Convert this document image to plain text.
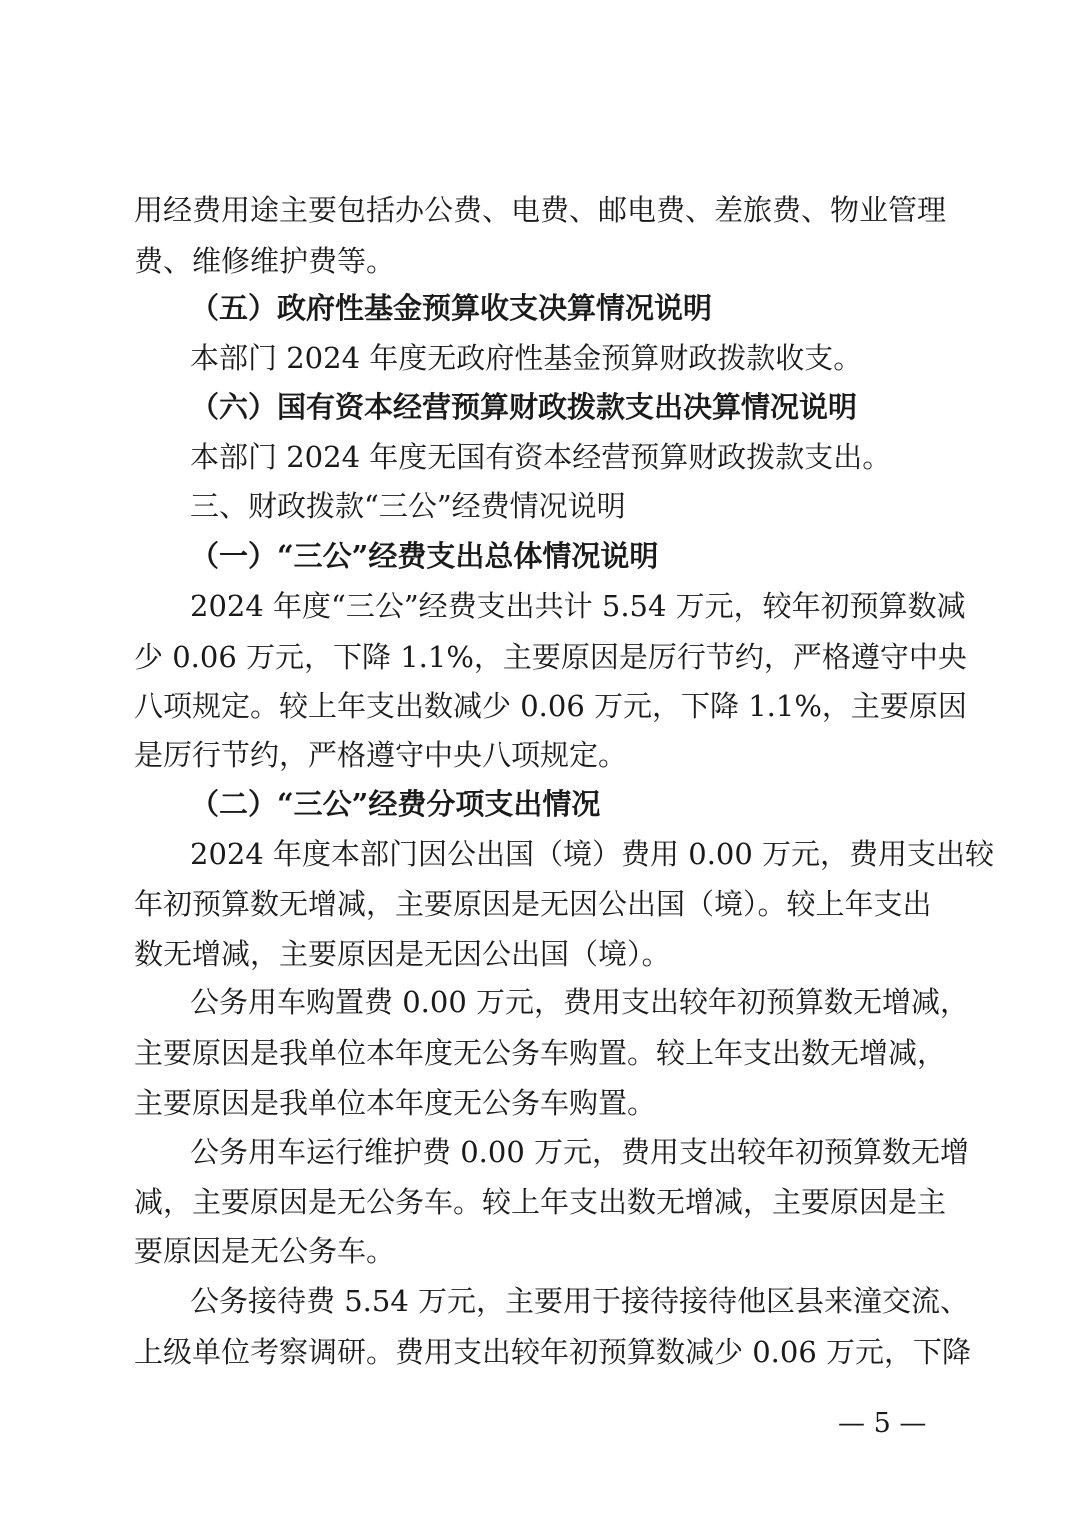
用经费用途主要包括办公费、电费、邮电费、差旅费、物业管理
费、维修维护费等。
（五）政府性基金预算收支决算情况说明
本部门 2024 年度无政府性基金预算财政拨款收支。
（六）国有资本经营预算财政拨款支出决算情况说明
本部门 2024 年度无国有资本经营预算财政拨款支出。
三、财政拨款“三公”经费情况说明
（一）“三公”经费支出总体情况说明
2024 年度“三公”经费支出共计 5.54 万元，较年初预算数减
少 0.06 万元，下降 1.1%，主要原因是厉行节约，严格遵守中央
八项规定。较上年支出数减少 0.06 万元，下降 1.1%，主要原因
是厉行节约，严格遵守中央八项规定。
（二）“三公”经费分项支出情况
2024 年度本部门因公出国（境）费用 0.00 万元，费用支出较
年初预算数无增减，主要原因是无因公出国（境）。较上年支出
数无增减，主要原因是无因公出国（境）。
公务用车购置费 0.00 万元，费用支出较年初预算数无增减，
主要原因是我单位本年度无公务车购置。较上年支出数无增减，
主要原因是我单位本年度无公务车购置。
公务用车运行维护费 0.00 万元，费用支出较年初预算数无增
减，主要原因是无公务车。较上年支出数无增减，主要原因是主
要原因是无公务车。
公务接待费 5.54 万元，主要用于接待接待他区县来潼交流、
上级单位考察调研。费用支出较年初预算数减少 0.06 万元，下降
— 5 —
